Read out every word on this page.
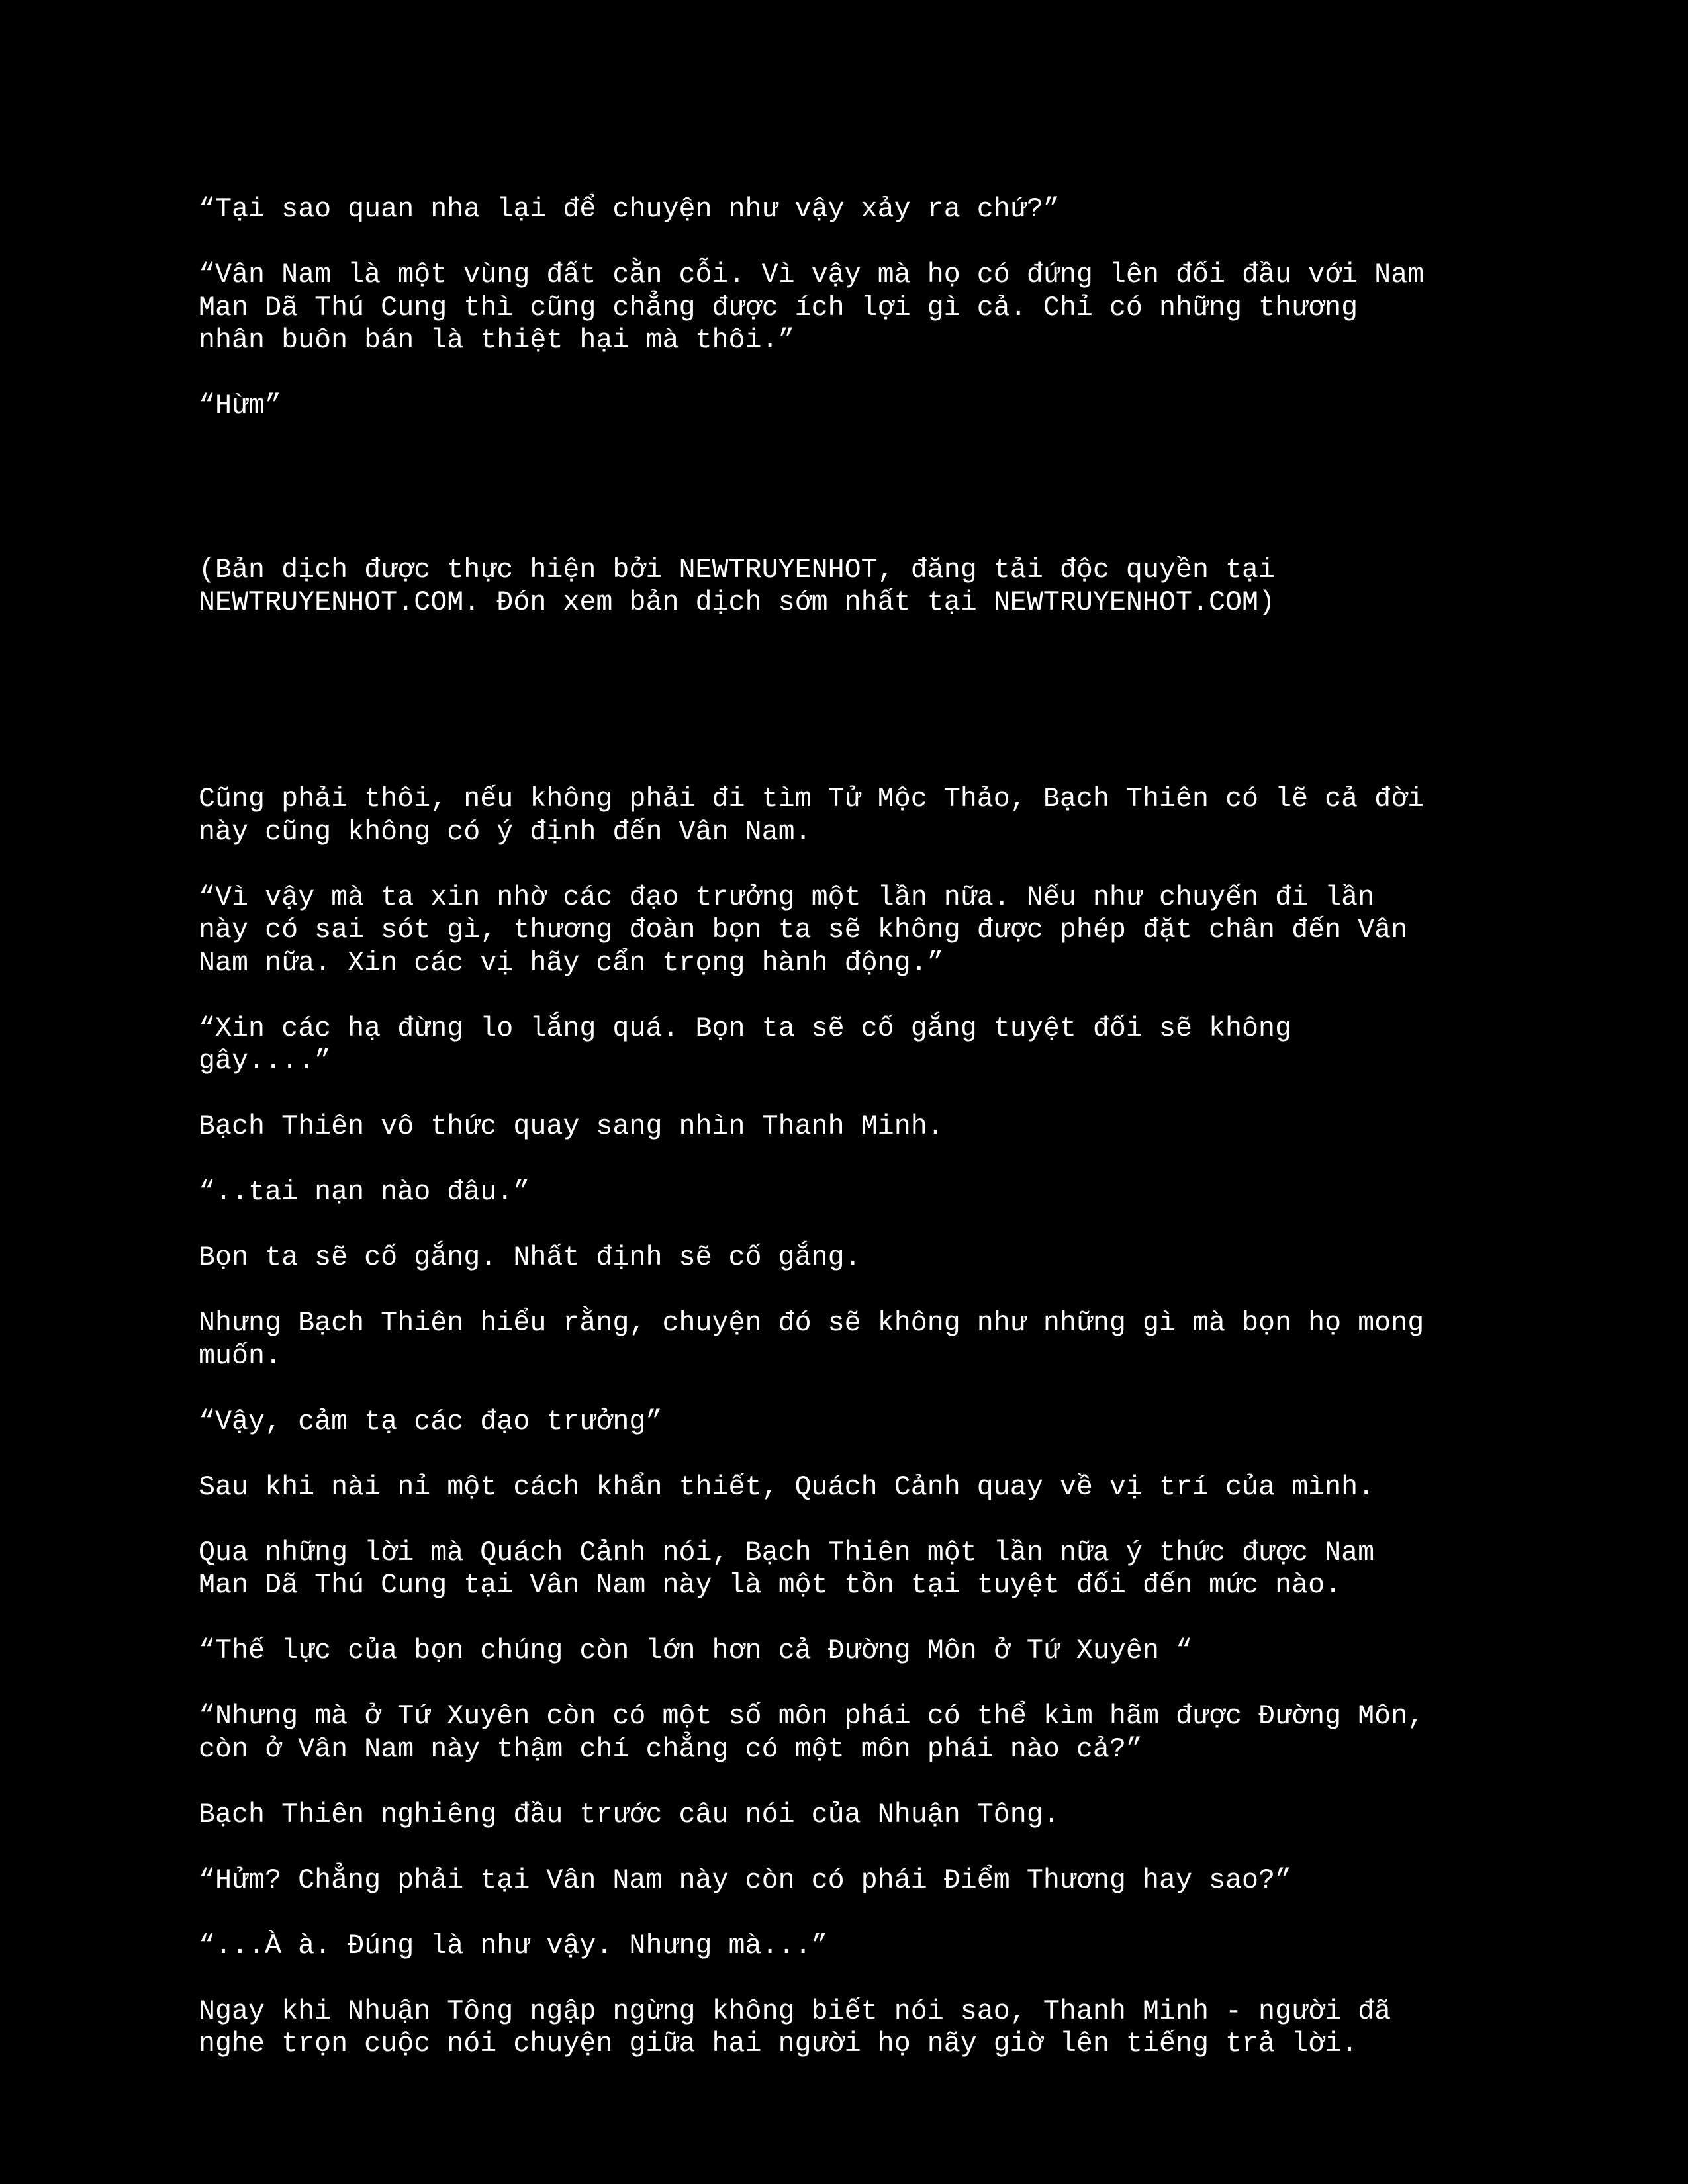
“Tại sao quan nha lại để chuyện như vậy xảy ra chứ?”

“Vân Nam là một vùng đất cằn cỗi. Vì vậy mà họ có đứng lên đối đầu với Nam
Man Dã Thú Cung thì cũng chẳng được ích lợi gì cả. Chỉ có những thương
nhân buôn bán là thiệt hại mà thôi.”

“Hừm”

(Bản dịch được thực hiện bởi NEWTRUYENHOT, đăng tải độc quyền tại
NEWTRUYENHOT.COM. Đón xem bản dịch sớm nhất tại NEWTRUYENHOT.COM)

Cũng phải thôi, nếu không phải đi tìm Tử Mộc Thảo, Bạch Thiên có lẽ cả đời
này cũng không có ý định đến Vân Nam.

“Vì vậy mà ta xin nhờ các đạo trưởng một lần nữa. Nếu như chuyến đi lần
này có sai sót gì, thương đoàn bọn ta sẽ không được phép đặt chân đến Vân
Nam nữa. Xin các vị hãy cẩn trọng hành động.”

“Xin các hạ đừng lo lắng quá. Bọn ta sẽ cố gắng tuyệt đối sẽ không
gây....”

Bạch Thiên vô thức quay sang nhìn Thanh Minh.

“..tai nạn nào đâu.”

Bọn ta sẽ cố gắng. Nhất định sẽ cố gắng.

Nhưng Bạch Thiên hiểu rằng, chuyện đó sẽ không như những gì mà bọn họ mong
muốn.

“Vậy, cảm tạ các đạo trưởng”

Sau khi nài nỉ một cách khẩn thiết, Quách Cảnh quay về vị trí của mình.

Qua những lời mà Quách Cảnh nói, Bạch Thiên một lần nữa ý thức được Nam
Man Dã Thú Cung tại Vân Nam này là một tồn tại tuyệt đối đến mức nào.

“Thế lực của bọn chúng còn lớn hơn cả Đường Môn ở Tứ Xuyên “

“Nhưng mà ở Tứ Xuyên còn có một số môn phái có thể kìm hãm được Đường Môn,
còn ở Vân Nam này thậm chí chẳng có một môn phái nào cả?”

Bạch Thiên nghiêng đầu trước câu nói của Nhuận Tông.

“Hửm? Chẳng phải tại Vân Nam này còn có phái Điểm Thương hay sao?”

“...À à. Đúng là như vậy. Nhưng mà...”

Ngay khi Nhuận Tông ngập ngừng không biết nói sao, Thanh Minh - người đã
nghe trọn cuộc nói chuyện giữa hai người họ nãy giờ lên tiếng trả lời.
